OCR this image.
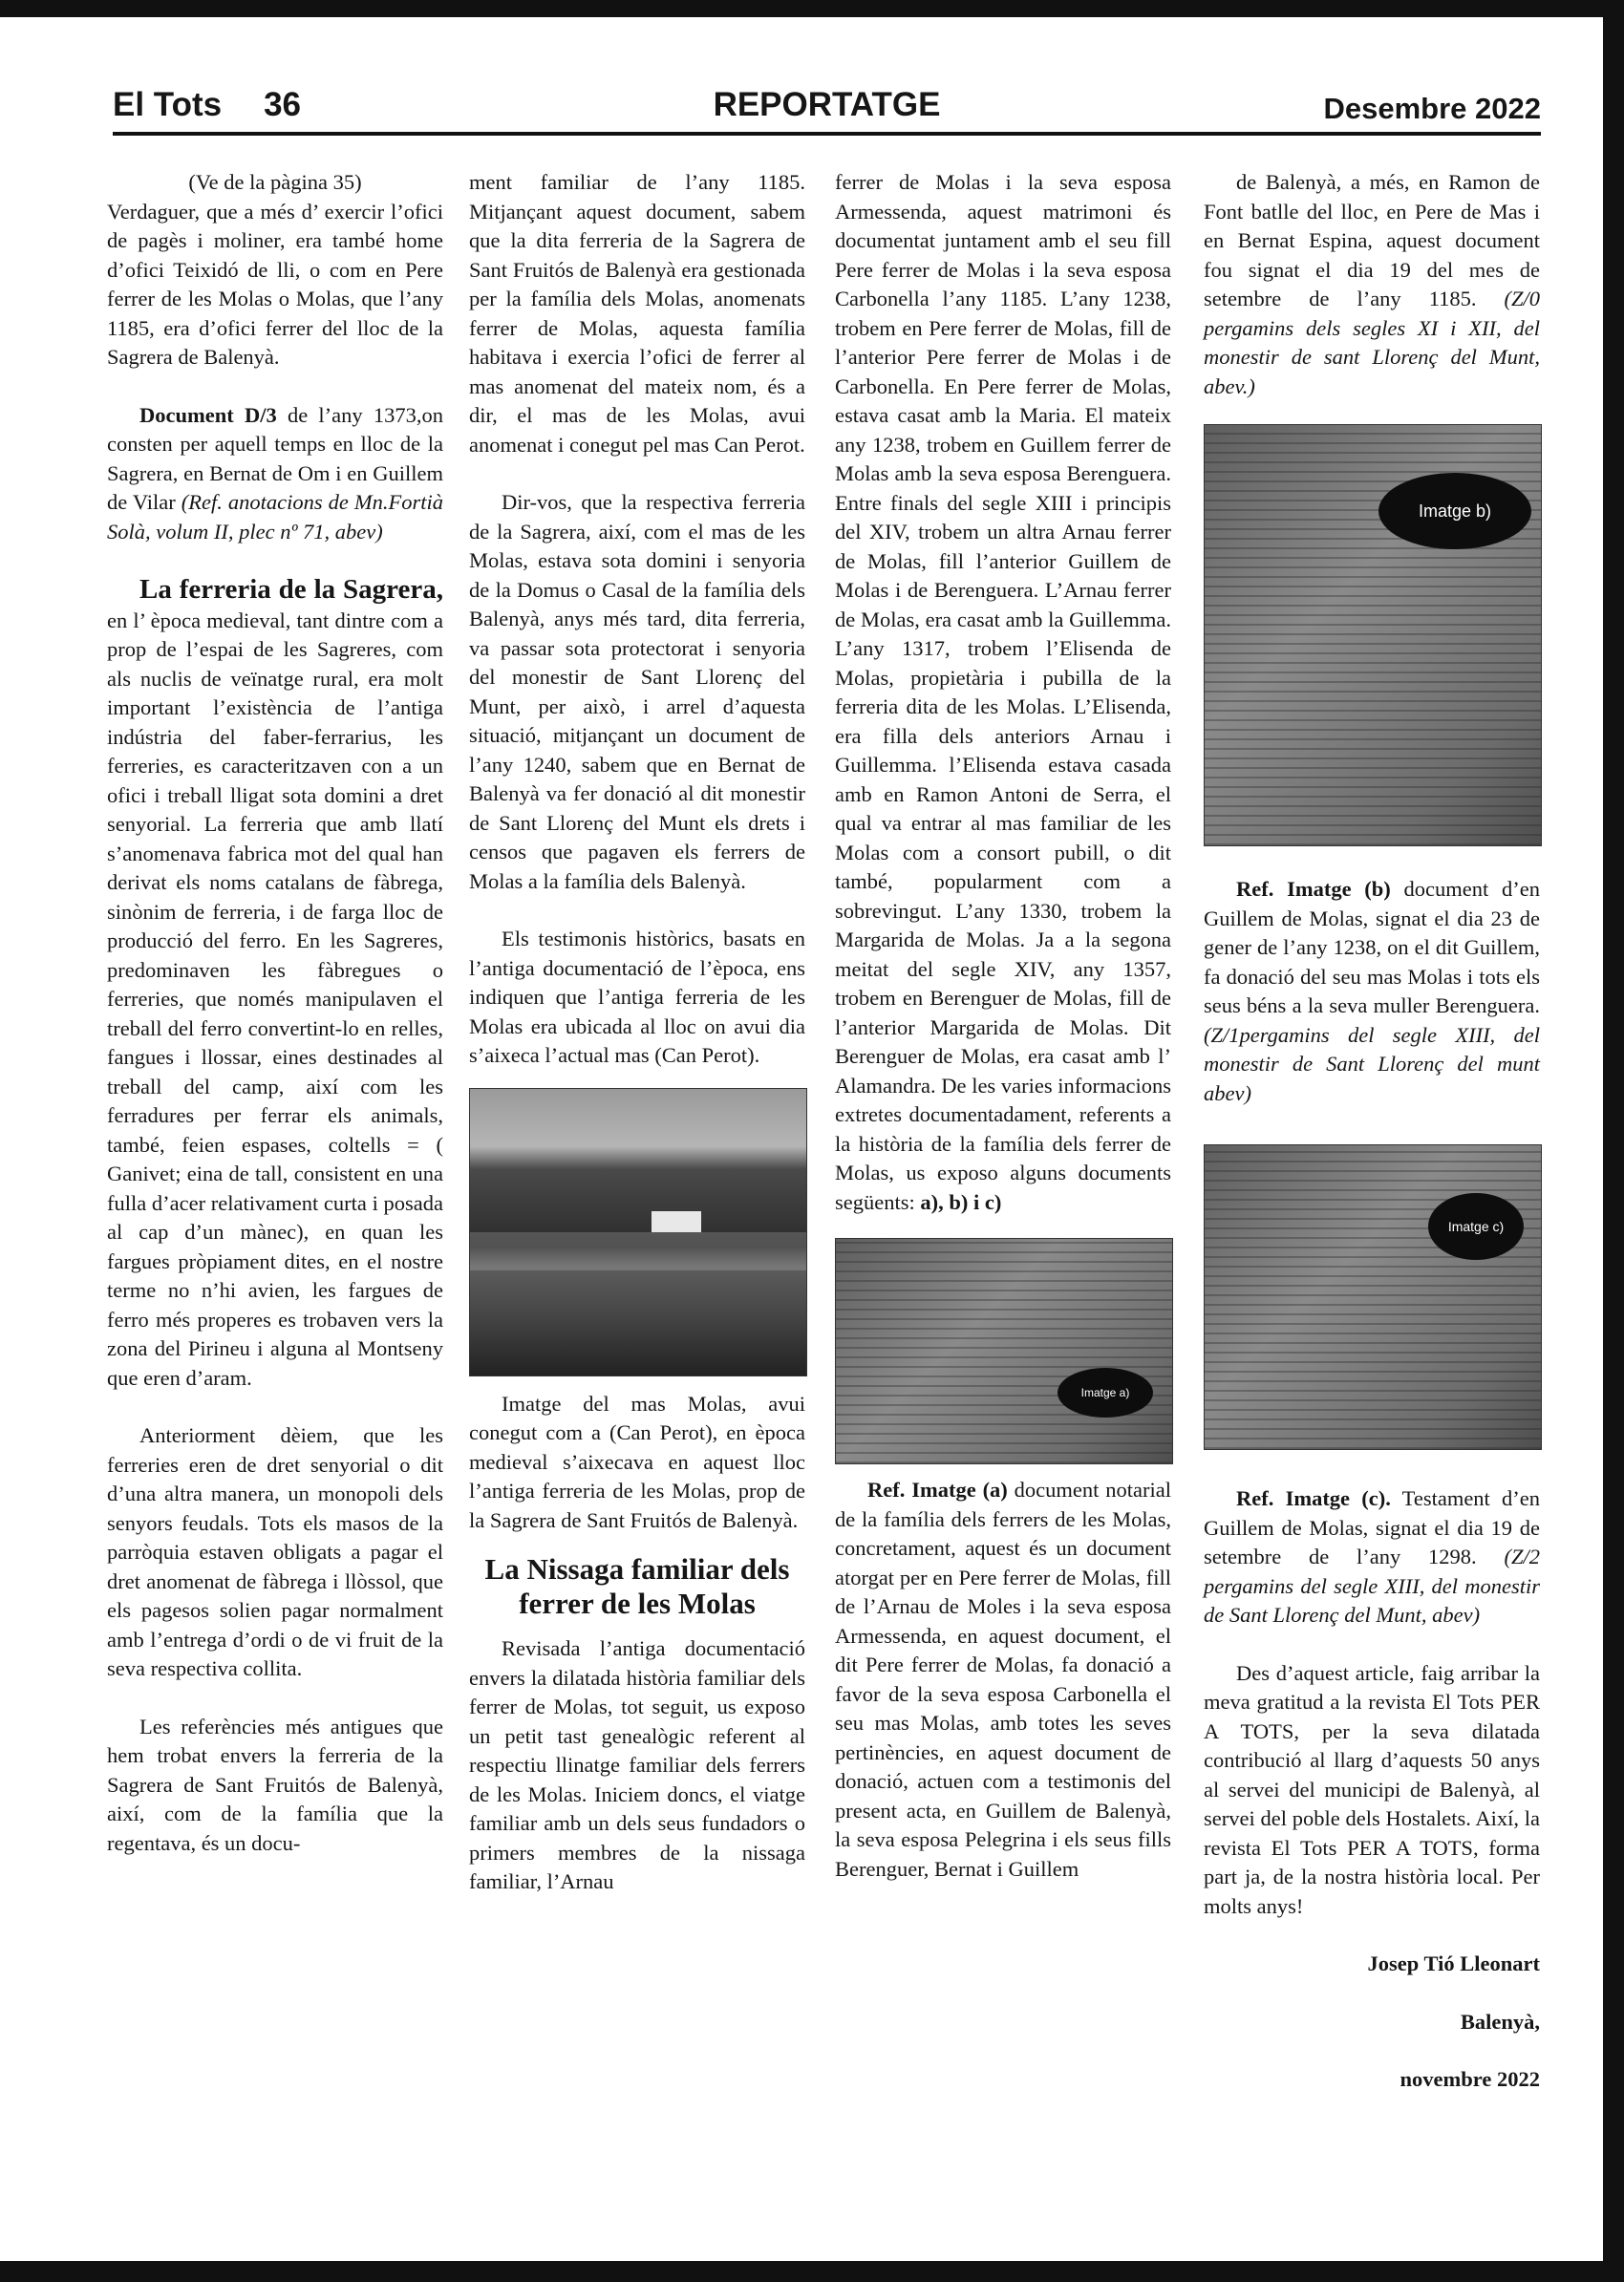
El Tots 36	REPORTATGE	Desembre 2022

(Ve de la pàgina 35)

Verdaguer, que a més d’ exercir l’ofici de pagès i moliner, era també home d’ofici Teixidó de lli, o com en Pere ferrer de les Molas o Molas, que l’any 1185, era d’ofici ferrer del lloc de la Sagrera de Balenyà.

Document D/3 de l’any 1373,on consten per aquell temps en lloc de la Sagrera, en Bernat de Om i en Guillem de Vilar (Ref. anotacions de Mn.Fortià Solà, volum II, plec nº 71, abev)

La ferreria de la Sagrera, en l’ època medieval, tant dintre com a prop de l’espai de les Sagreres, com als nuclis de veïnatge rural, era molt important l’existència de l’antiga indústria del faber-ferrarius, les ferreries, es caracteritzaven con a un ofici i treball lligat sota domini a dret senyorial. La ferreria que amb llatí s’anomenava fabrica mot del qual han derivat els noms catalans de fàbrega, sinònim de ferreria, i de farga lloc de producció del ferro. En les Sagreres, predominaven les fàbregues o ferreries, que només manipulaven el treball del ferro convertint-lo en relles, fangues i llossar, eines destinades al treball del camp, així com les ferradures per ferrar els animals, també, feien espases, coltells = ( Ganivet; eina de tall, consistent en una fulla d’acer relativament curta i posada al cap d’un mànec), en quan les fargues pròpiament dites, en el nostre terme no n’hi avien, les fargues de ferro més properes es trobaven vers la zona del Pirineu i alguna al Montseny que eren d’aram.

Anteriorment dèiem, que les ferreries eren de dret senyorial o dit d’una altra manera, un monopoli dels senyors feudals. Tots els masos de la parròquia estaven obligats a pagar el dret anomenat de fàbrega i llòssol, que els pagesos solien pagar normalment amb l’entrega d’ordi o de vi fruit de la seva respectiva collita.

Les referències més antigues que hem trobat envers la ferreria de la Sagrera de Sant Fruitós de Balenyà, així, com de la família que la regentava, és un docu-

ment familiar de l’any 1185. Mitjançant aquest document, sabem que la dita ferreria de la Sagrera de Sant Fruitós de Balenyà era gestionada per la família dels Molas, anomenats ferrer de Molas, aquesta família habitava i exercia l’ofici de ferrer al mas anomenat del mateix nom, és a dir, el mas de les Molas, avui anomenat i conegut pel mas Can Perot.

Dir-vos, que la respectiva ferreria de la Sagrera, així, com el mas de les Molas, estava sota domini i senyoria de la Domus o Casal de la família dels Balenyà, anys més tard, dita ferreria, va passar sota protectorat i senyoria del monestir de Sant Llorenç del Munt, per això, i arrel d’aquesta situació, mitjançant un document de l’any 1240, sabem que en Bernat de Balenyà va fer donació al dit monestir de Sant Llorenç del Munt els drets i censos que pagaven els ferrers de Molas a la família dels Balenyà.

Els testimonis històrics, basats en l’antiga documentació de l’època, ens indiquen que l’antiga ferreria de les Molas era ubicada al lloc on avui dia s’aixeca l’actual mas (Can Perot).

Imatge del mas Molas, avui conegut com a (Can Perot), en època medieval s’aixecava en aquest lloc l’antiga ferreria de les Molas, prop de la Sagrera de Sant Fruitós de Balenyà.

La Nissaga familiar dels ferrer de les Molas

Revisada l’antiga documentació envers la dilatada història familiar dels ferrer de Molas, tot seguit, us exposo un petit tast genealògic referent al respectiu llinatge familiar dels ferrers de les Molas. Iniciem doncs, el viatge familiar amb un dels seus fundadors o primers membres de la nissaga familiar, l’Arnau

ferrer de Molas i la seva esposa Armessenda, aquest matrimoni és documentat juntament amb el seu fill Pere ferrer de Molas i la seva esposa Carbonella l’any 1185. L’any 1238, trobem en Pere ferrer de Molas, fill de l’anterior Pere ferrer de Molas i de Carbonella. En Pere ferrer de Molas, estava casat amb la Maria. El mateix any 1238, trobem en Guillem ferrer de Molas amb la seva esposa Berenguera. Entre finals del segle XIII i principis del XIV, trobem un altra Arnau ferrer de Molas, fill l’anterior Guillem de Molas i de Berenguera. L’Arnau ferrer de Molas, era casat amb la Guillemma. L’any 1317, trobem l’Elisenda de Molas, propietària i pubilla de la ferreria dita de les Molas. L’Elisenda, era filla dels anteriors Arnau i Guillemma. l’Elisenda estava casada amb en Ramon Antoni de Serra, el qual va entrar al mas familiar de les Molas com a consort pubill, o dit també, popularment com a sobrevingut. L’any 1330, trobem la Margarida de Molas. Ja a la segona meitat del segle XIV, any 1357, trobem en Berenguer de Molas, fill de l’anterior Margarida de Molas. Dit Berenguer de Molas, era casat amb l’ Alamandra. De les varies informacions extretes documentadament, referents a la història de la família dels ferrer de Molas, us exposo alguns documents següents: a), b) i c)

Imatge a)

Ref. Imatge (a) document notarial de la família dels ferrers de les Molas, concretament, aquest és un document atorgat per en Pere ferrer de Molas, fill de l’Arnau de Moles i la seva esposa Armessenda, en aquest document, el dit Pere ferrer de Molas, fa donació a favor de la seva esposa Carbonella el seu mas Molas, amb totes les seves pertinències, en aquest document de donació, actuen com a testimonis del present acta, en Guillem de Balenyà, la seva esposa Pelegrina i els seus fills Berenguer, Bernat i Guillem

de Balenyà, a més, en Ramon de Font batlle del lloc, en Pere de Mas i en Bernat Espina, aquest document fou signat el dia 19 del mes de setembre de l’any 1185. (Z/0 pergamins dels segles XI i XII, del monestir de sant Llorenç del Munt, abev.)

Imatge b)

Ref. Imatge (b) document d’en Guillem de Molas, signat el dia 23 de gener de l’any 1238, on el dit Guillem, fa donació del seu mas Molas i tots els seus béns a la seva muller Berenguera. (Z/1pergamins del segle XIII, del monestir de Sant Llorenç del munt abev)

Imatge c)

Ref. Imatge (c). Testament d’en Guillem de Molas, signat el dia 19 de setembre de l’any 1298. (Z/2 pergamins del segle XIII, del monestir de Sant Llorenç del Munt, abev)

Des d’aquest article, faig arribar la meva gratitud a la revista El Tots PER A TOTS, per la seva dilatada contribució al llarg d’aquests 50 anys al servei del municipi de Balenyà, al servei del poble dels Hostalets. Així, la revista El Tots PER A TOTS, forma part ja, de la nostra història local. Per molts anys!

Josep Tió Lleonart

Balenyà,

novembre 2022
